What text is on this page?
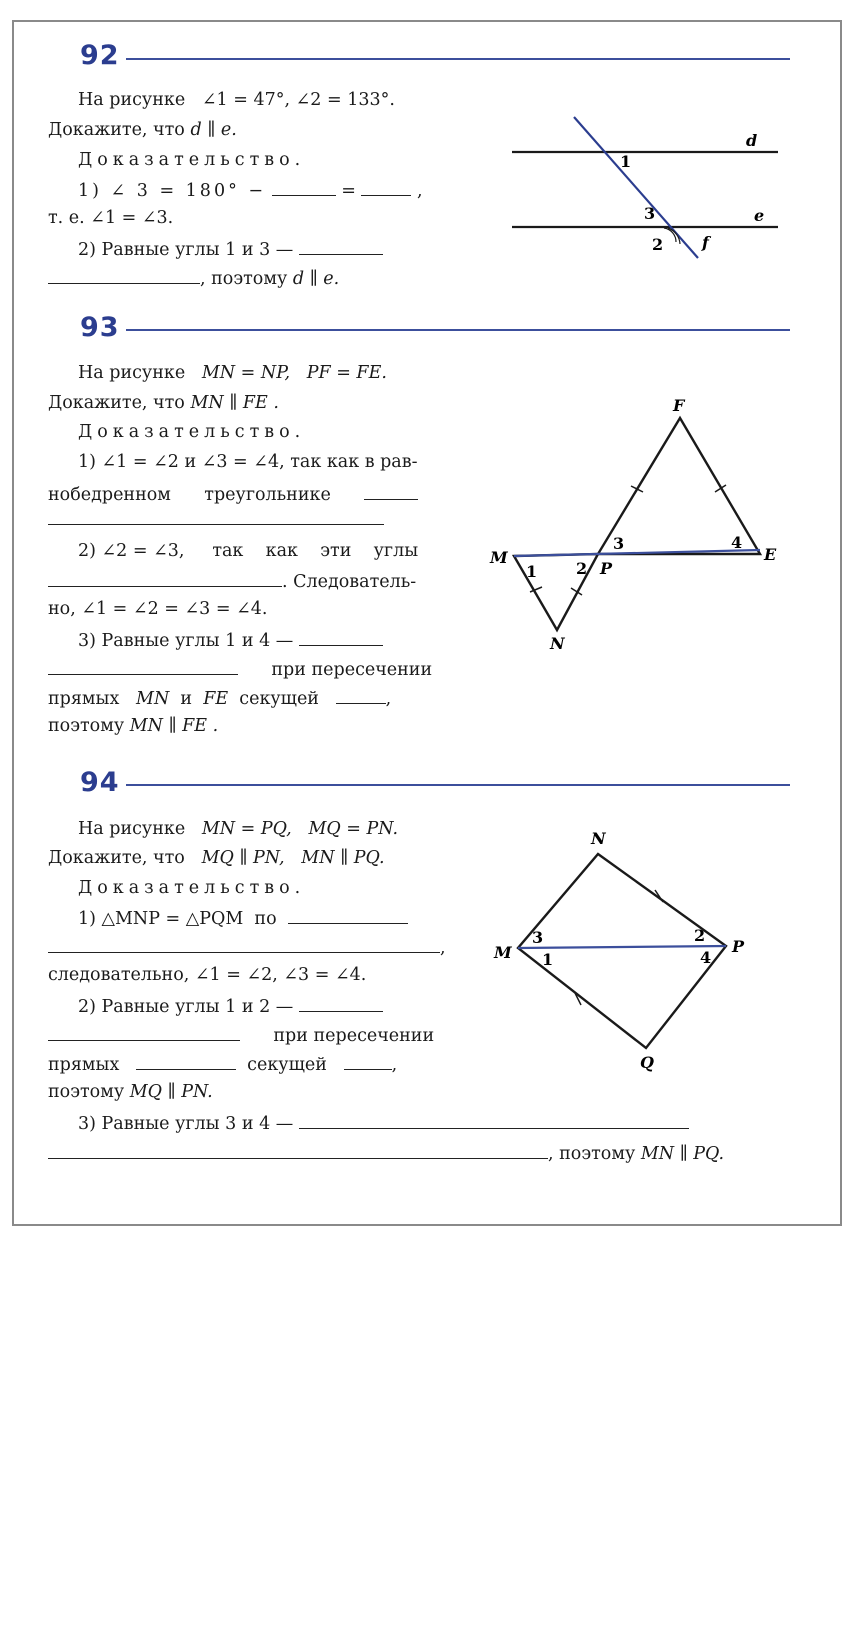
92
На рисунке ∠1 = 47°, ∠2 = 133°.
Докажите, что d ∥ e.
Доказательство.
1) ∠ 3 = 180° −	=	,
т. е. ∠1 = ∠3.
2) Равные углы 1 и 3 —
, поэтому d ∥ e.
d
e
f
1
3
2
93
На рисунке MN = NP, PF = FE.
Докажите, что MN ∥ FE .
Доказательство.
1) ∠1 = ∠2 и ∠3 = ∠4, так как в рав-
нобедренном треугольнике
2) ∠2 = ∠3, так как эти углы
. Следователь-
но, ∠1 = ∠2 = ∠3 = ∠4.
3) Равные углы 1 и 4 —
при пересечении
прямых MN и FE секущей	,
поэтому MN ∥ FE .
F
M	E
P
N
1 2
3	4
94
На рисунке MN = PQ, MQ = PN.
Докажите, что MQ ∥ PN, MN ∥ PQ.
Доказательство.
1) △MNP = △PQM по
,
следовательно, ∠1 = ∠2, ∠3 = ∠4.
2) Равные углы 1 и 2 —
при пересечении
прямых	секущей	,
поэтому MQ ∥ PN.
3) Равные углы 3 и 4 —
, поэтому MN ∥ PQ.
N
M	P
Q
3
1
2
4
